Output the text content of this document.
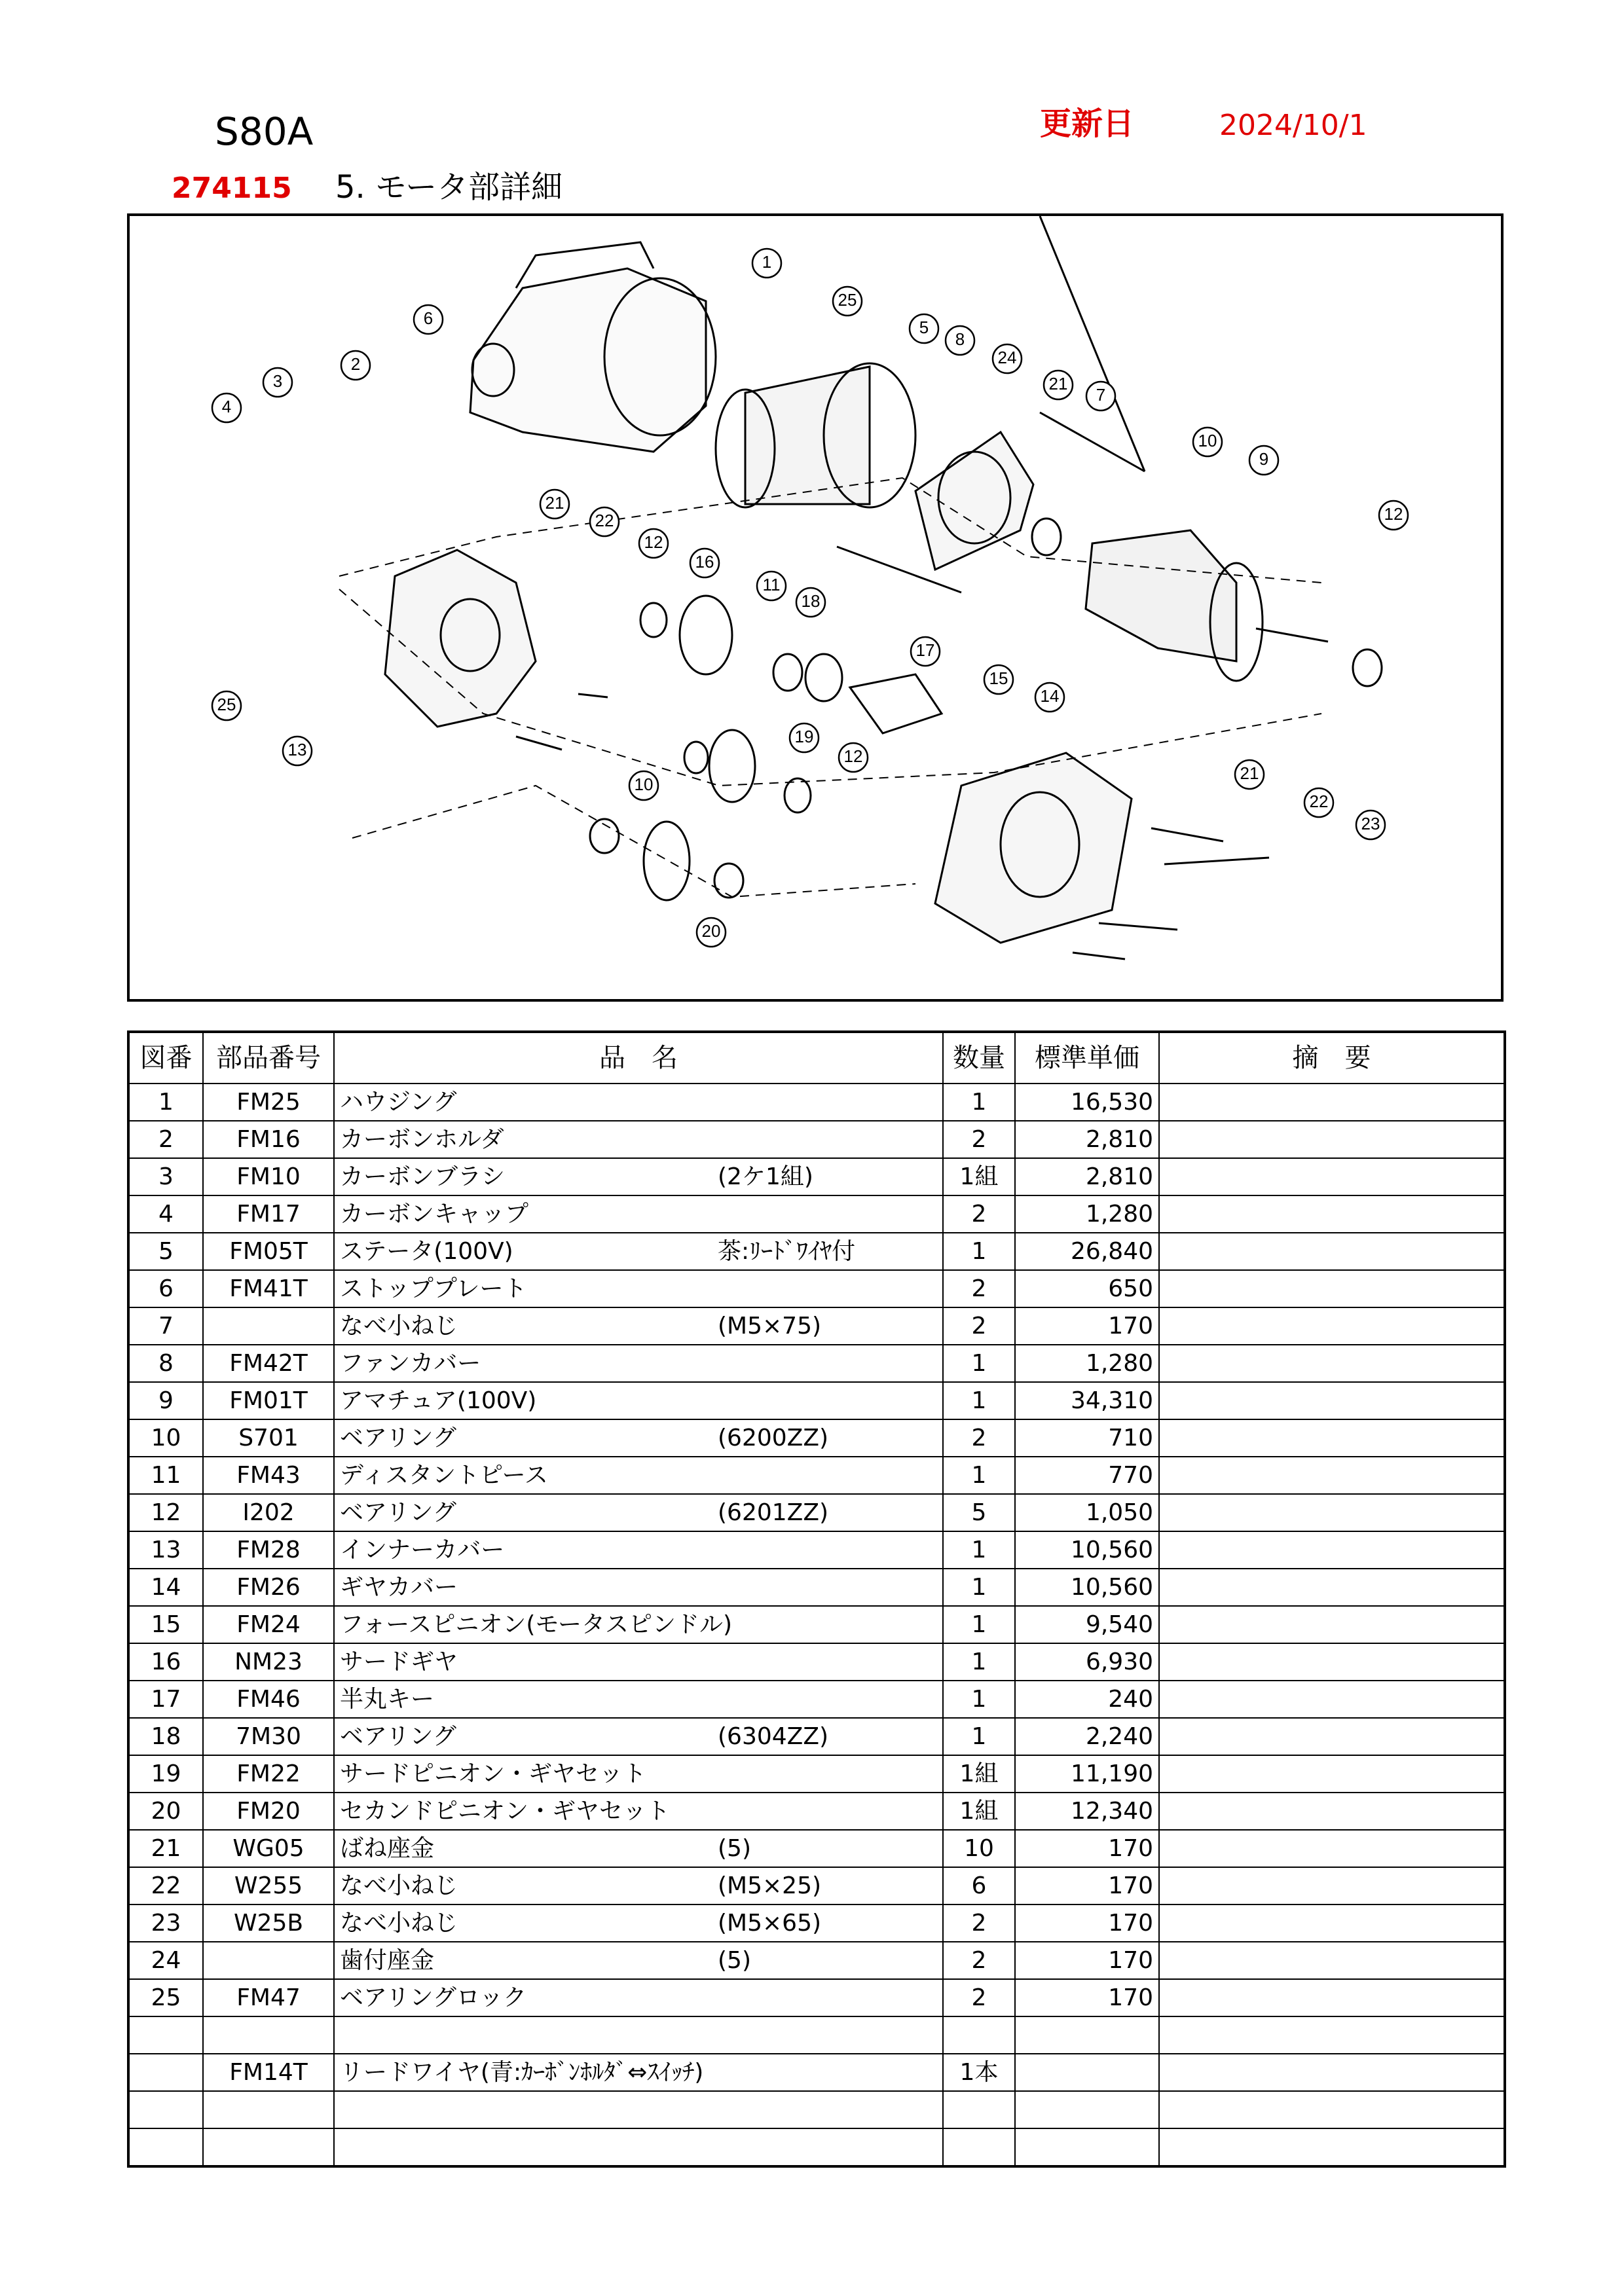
S80A	更新日	2024/10/1
274115 5. モータ部詳細
1
25
6
2
3
4
5
8
24
21
7
10
9
12
21
22
12
16
11
18
17
15
14
25
13
19
12
10
20
21
22
23
図番	部品番号	品　名	数量	標準単価	摘　要
1	FM25	ハウジング	1	16,530	
2	FM16	カーボンホルダ	2	2,810	
3	FM10	カーボンブラシ (2ケ1組)	1組	2,810	
4	FM17	カーボンキャップ	2	1,280	
5	FM05T	ステータ(100V) 茶:ﾘｰﾄﾞﾜｲﾔ付	1	26,840	
6	FM41T	ストッププレート	2	650	
7		なべ小ねじ (M5×75)	2	170	
8	FM42T	ファンカバー	1	1,280	
9	FM01T	アマチュア(100V)	1	34,310	
10	S701	ベアリング (6200ZZ)	2	710	
11	FM43	ディスタントピース	1	770	
12	I202	ベアリング (6201ZZ)	5	1,050	
13	FM28	インナーカバー	1	10,560	
14	FM26	ギヤカバー	1	10,560	
15	FM24	フォースピニオン(モータスピンドル)	1	9,540	
16	NM23	サードギヤ	1	6,930	
17	FM46	半丸キー	1	240	
18	7M30	ベアリング (6304ZZ)	1	2,240	
19	FM22	サードピニオン・ギヤセット	1組	11,190	
20	FM20	セカンドピニオン・ギヤセット	1組	12,340	
21	WG05	ばね座金 (5)	10	170	
22	W255	なべ小ねじ (M5×25)	6	170	
23	W25B	なべ小ねじ (M5×65)	2	170	
24		歯付座金 (5)	2	170	
25	FM47	ベアリングロック	2	170	

	FM14T	リードワイヤ(青:ｶｰﾎﾞﾝﾎﾙﾀﾞ⇔ｽｲｯﾁ)	1本		
